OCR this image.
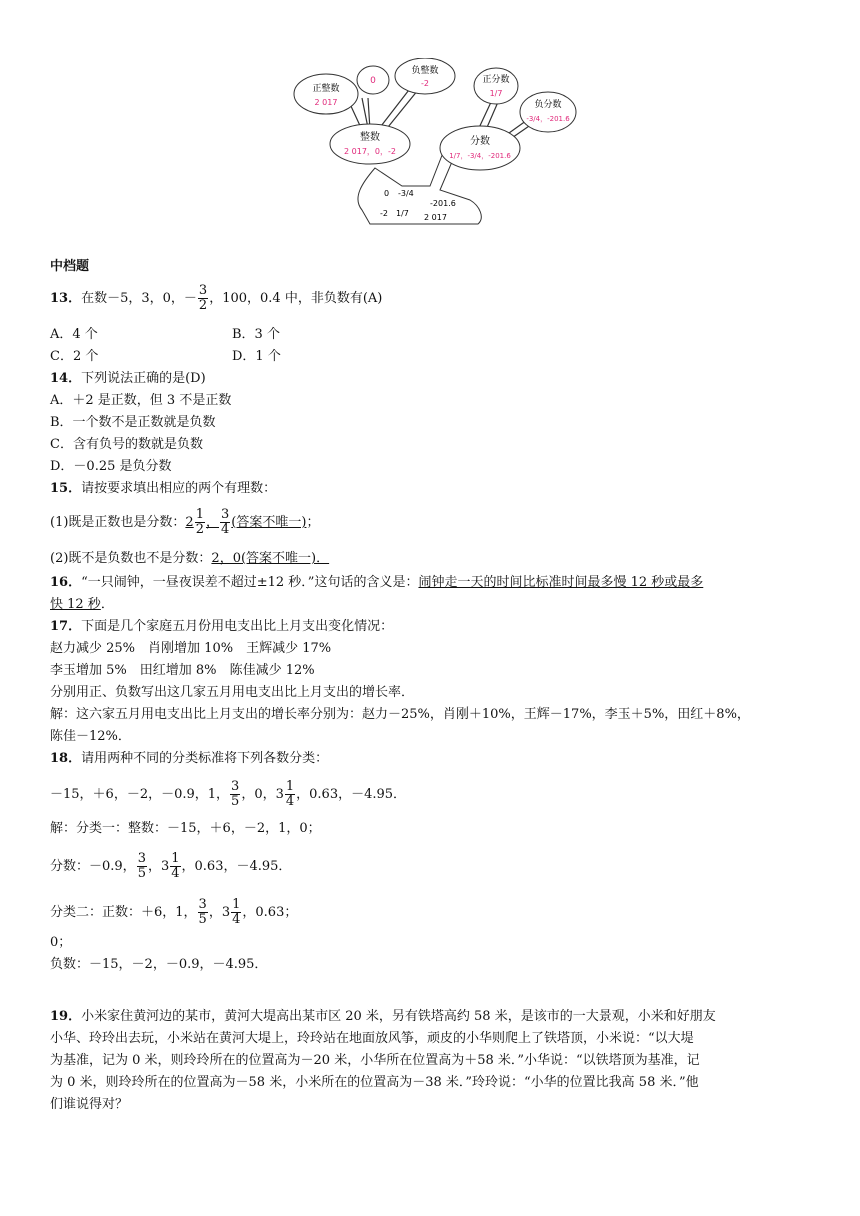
正整数
2 017
0
负整数
-2	正分数
1/7
负分数
-3/4，-201.6
整数
2 017，0，-2
分数
1/7，-3/4，-201.6
0 -3/4
-201.6
-2 1/7 2 017
中档题
13．在数－5，3，0，－ $\frac{3}{2}$ ，100，0.4 中，非负数有(A)
A．4 个	B．3 个
C．2 个	D．1 个
14．下列说法正确的是(D)
A．＋2 是正数，但 3 不是正数
B．一个数不是正数就是负数
C．含有负号的数就是负数
D．－0.25 是负分数
15．请按要求填出相应的两个有理数：
(1)既是正数也是分数：$2 \frac{1}{2}$ ， $\frac{3}{4}$ (答案不唯一)；
(2)既不是负数也不是分数：2，0(答案不唯一)．
16．“一只闹钟，一昼夜误差不超过±12 秒．”这句话的含义是：闹钟走一天的时间比标准时间最多慢 12 秒或最多
快 12 秒．
17．下面是几个家庭五月份用电支出比上月支出变化情况：
赵力减少 25%　 肖刚增加 10%　 王辉减少 17%
李玉增加 5%　 田红增加 8%　 陈佳减少 12%
分别用正、负数写出这几家五月用电支出比上月支出的增长率．
解：这六家五月用电支出比上月支出的增长率分别为：赵力－25%，肖刚＋10%，王辉－17%，李玉＋5%，田红＋8%，
陈佳－12%．
18．请用两种不同的分类标准将下列各数分类：
－15，＋6，－2，－0.9，1， $\frac{3}{5}$ ，0，$3 \frac{1}{4}$ ，0.63，－4.95．
解：分类一：整数：－15，＋6，－2，1，0；
分数：－0.9， $\frac{3}{5}$ ，$3 \frac{1}{4}$ ，0.63，－4.95．
分类二：正数：＋6，1， $\frac{3}{5}$ ，$3 \frac{1}{4}$ ，0.63；
0；
负数：－15，－2，－0.9，－4.95．
19．小米家住黄河边的某市，黄河大堤高出某市区 20 米，另有铁塔高约 58 米，是该市的一大景观，小米和好朋友
小华、玲玲出去玩，小米站在黄河大堤上，玲玲站在地面放风筝，顽皮的小华则爬上了铁塔顶，小米说：“以大堤
为基准，记为 0 米，则玲玲所在的位置高为－20 米，小华所在位置高为＋58 米．”小华说：“以铁塔顶为基准，记
为 0 米，则玲玲所在的位置高为－58 米，小米所在的位置高为－38 米．”玲玲说：“小华的位置比我高 58 米．”他
们谁说得对？
